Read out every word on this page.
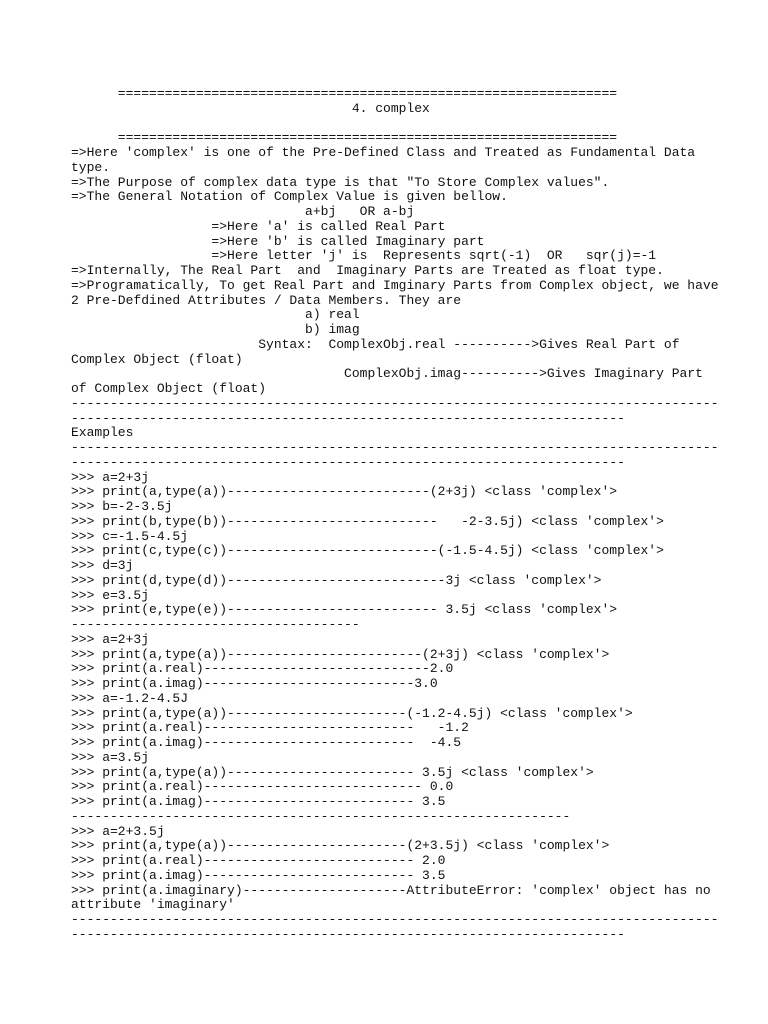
================================================================
4. complex

================================================================
=>Here 'complex' is one of the Pre-Defined Class and Treated as Fundamental Data
type.
=>The Purpose of complex data type is that "To Store Complex values".
=>The General Notation of Complex Value is given bellow.
a+bj   OR a-bj
=>Here 'a' is called Real Part
=>Here 'b' is called Imaginary part
=>Here letter 'j' is  Represents sqrt(-1)  OR   sqr(j)=-1
=>Internally, The Real Part  and  Imaginary Parts are Treated as float type.
=>Programatically, To get Real Part and Imginary Parts from Complex object, we have
2 Pre-Defdined Attributes / Data Members. They are
a) real
b) imag
Syntax:  ComplexObj.real ---------->Gives Real Part of
Complex Object (float)
ComplexObj.imag---------->Gives Imaginary Part
of Complex Object (float)
-----------------------------------------------------------------------------------
-----------------------------------------------------------------------
Examples
-----------------------------------------------------------------------------------
-----------------------------------------------------------------------
>>> a=2+3j
>>> print(a,type(a))--------------------------(2+3j) <class 'complex'>
>>> b=-2-3.5j
>>> print(b,type(b))---------------------------   -2-3.5j) <class 'complex'>
>>> c=-1.5-4.5j
>>> print(c,type(c))---------------------------(-1.5-4.5j) <class 'complex'>
>>> d=3j
>>> print(d,type(d))----------------------------3j <class 'complex'>
>>> e=3.5j
>>> print(e,type(e))--------------------------- 3.5j <class 'complex'>
-------------------------------------
>>> a=2+3j
>>> print(a,type(a))-------------------------(2+3j) <class 'complex'>
>>> print(a.real)-----------------------------2.0
>>> print(a.imag)---------------------------3.0
>>> a=-1.2-4.5J
>>> print(a,type(a))-----------------------(-1.2-4.5j) <class 'complex'>
>>> print(a.real)---------------------------   -1.2
>>> print(a.imag)---------------------------  -4.5
>>> a=3.5j
>>> print(a,type(a))------------------------ 3.5j <class 'complex'>
>>> print(a.real)---------------------------- 0.0
>>> print(a.imag)--------------------------- 3.5
----------------------------------------------------------------
>>> a=2+3.5j
>>> print(a,type(a))-----------------------(2+3.5j) <class 'complex'>
>>> print(a.real)--------------------------- 2.0
>>> print(a.imag)--------------------------- 3.5
>>> print(a.imaginary)---------------------AttributeError: 'complex' object has no
attribute 'imaginary'
-----------------------------------------------------------------------------------
-----------------------------------------------------------------------
